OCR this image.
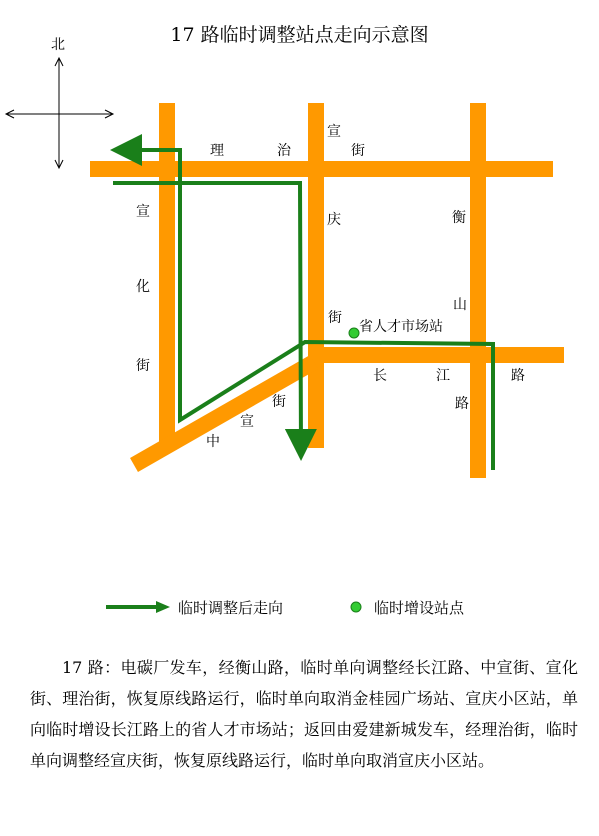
17 路临时调整站点走向示意图
北
省人才市场站
理	治
宣
街
庆
街
宣
化
街
衡
山
路
长	江	路
街
宣
中
临时调整后走向	临时增设站点
17 路：电碳厂发车，经衡山路，临时单向调整经长江路、中宣街、宣化街、理治街，恢复原线路运行，临时单向取消金桂园广场站、宣庆小区站，单向临时增设长江路上的省人才市场站；返回由爱建新城发车，经理治街，临时单向调整经宣庆街，恢复原线路运行，临时单向取消宣庆小区站。
